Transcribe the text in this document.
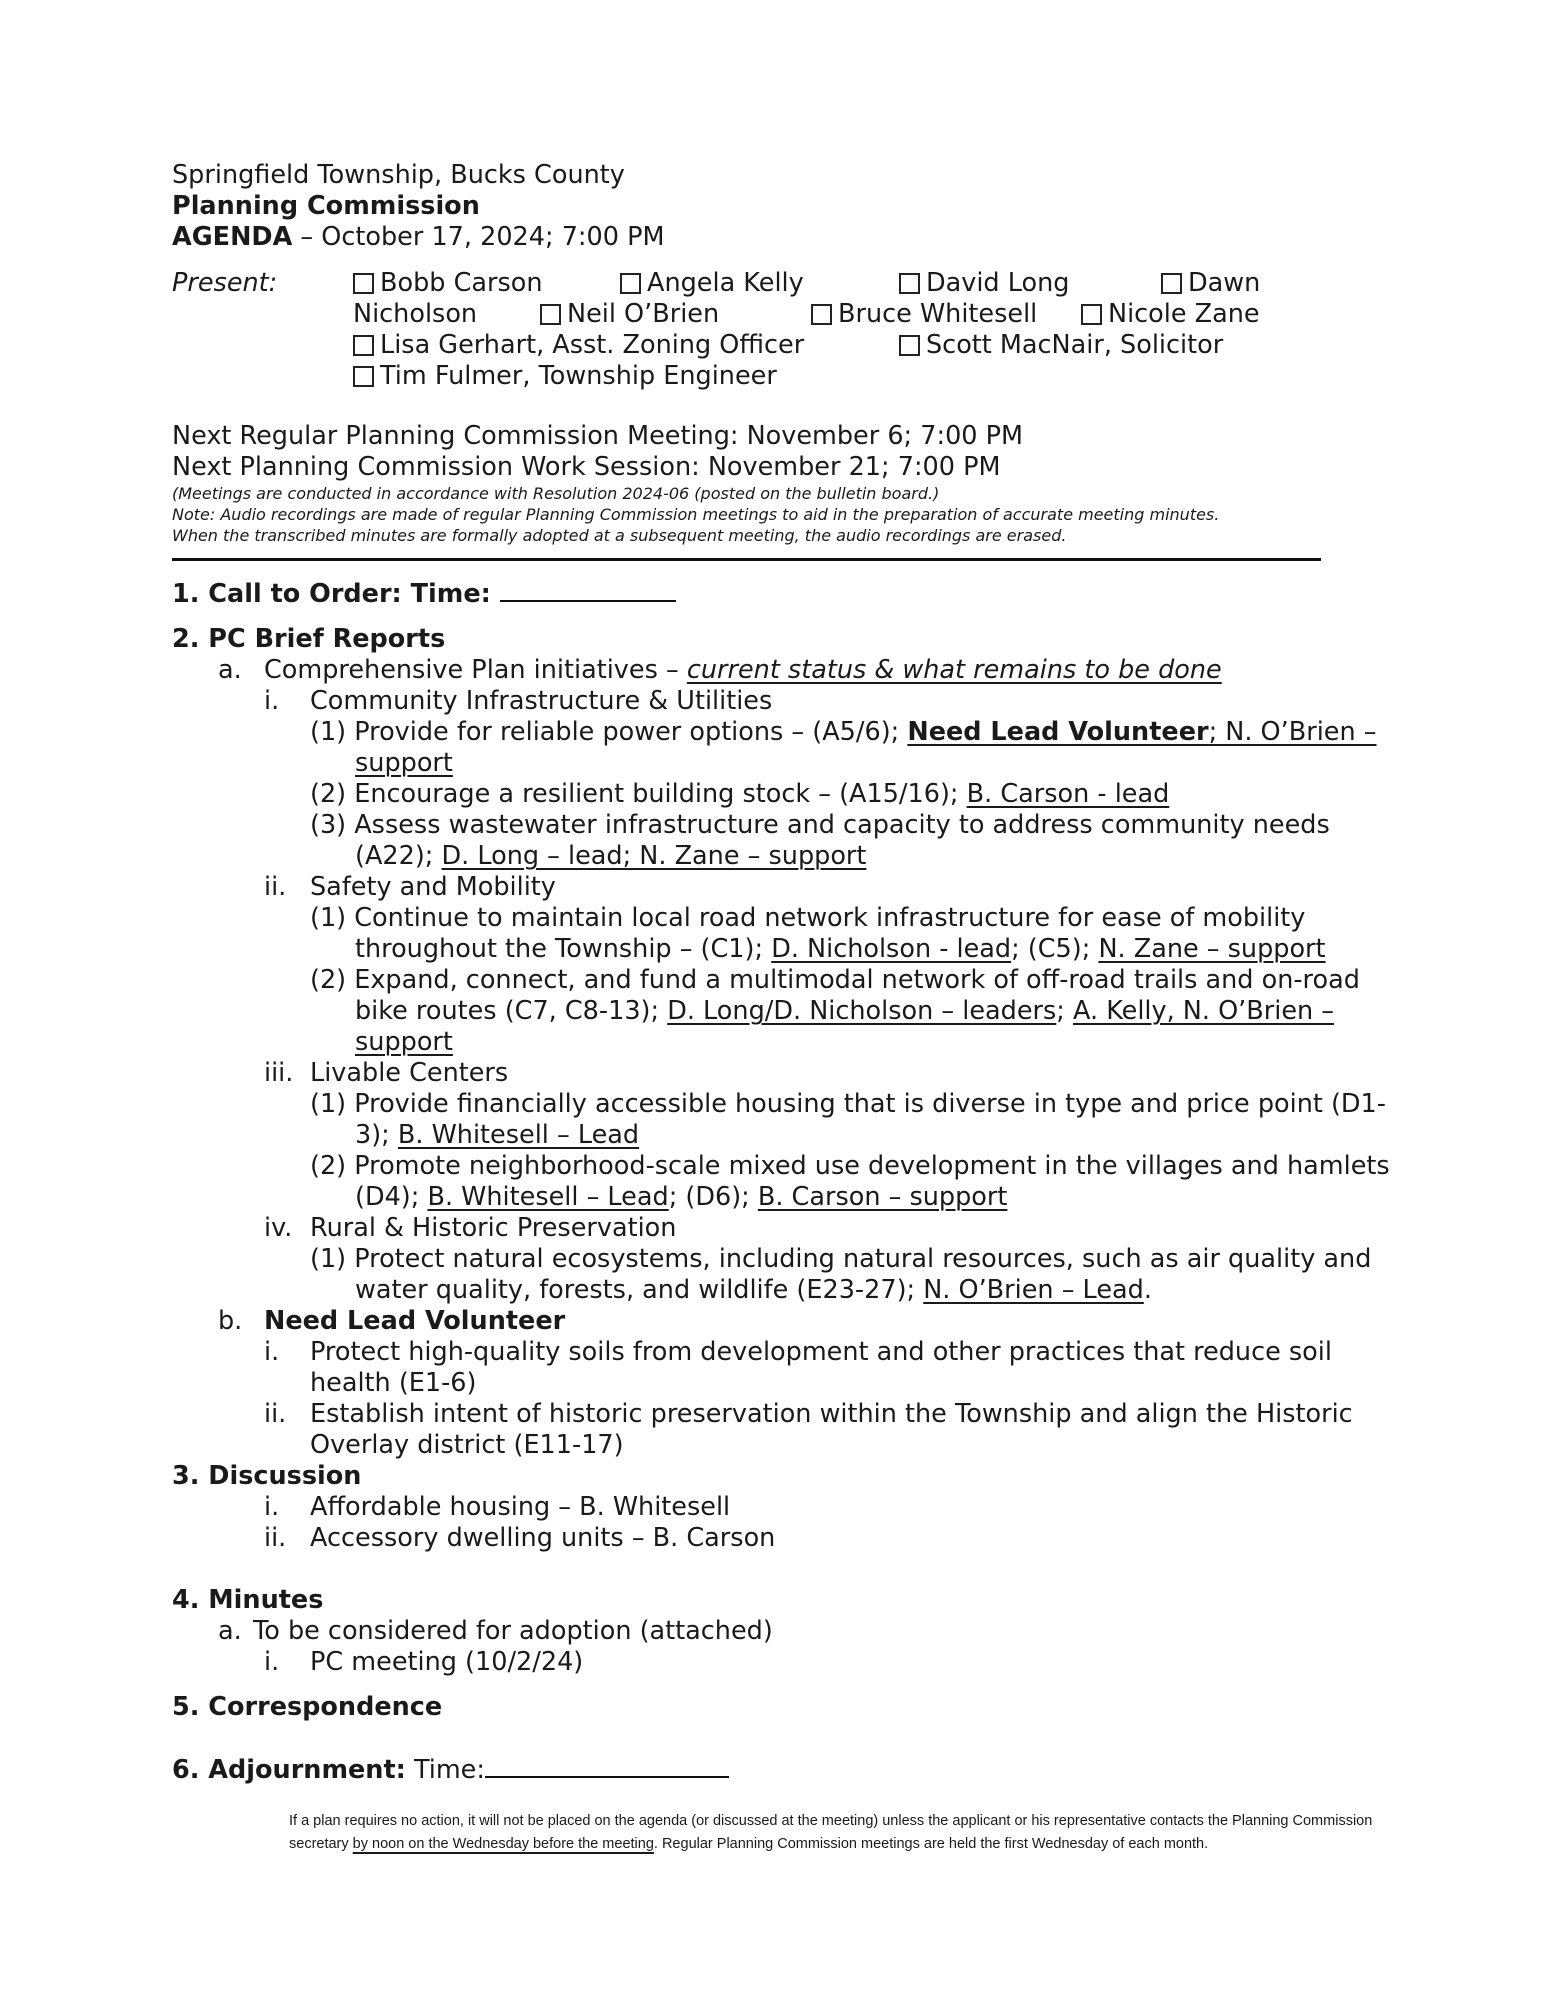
Springfield Township, Bucks County
Planning Commission
AGENDA – October 17, 2024; 7:00 PM
Present:	Bobb Carson	Angela Kelly	David Long	Dawn
Nicholson	Neil O’Brien	Bruce Whitesell	Nicole Zane
Lisa Gerhart, Asst. Zoning Officer	Scott MacNair, Solicitor
Tim Fulmer, Township Engineer
Next Regular Planning Commission Meeting: November 6; 7:00 PM
Next Planning Commission Work Session: November 21; 7:00 PM
(Meetings are conducted in accordance with Resolution 2024-06 (posted on the bulletin board.)
Note: Audio recordings are made of regular Planning Commission meetings to aid in the preparation of accurate meeting minutes.
When the transcribed minutes are formally adopted at a subsequent meeting, the audio recordings are erased.
1. Call to Order: Time:
2. PC Brief Reports
a. Comprehensive Plan initiatives – current status & what remains to be done
i. Community Infrastructure & Utilities
(1) Provide for reliable power options – (A5/6); Need Lead Volunteer; N. O’Brien –
support
(2) Encourage a resilient building stock – (A15/16); B. Carson - lead
(3) Assess wastewater infrastructure and capacity to address community needs
(A22); D. Long – lead; N. Zane – support
ii. Safety and Mobility
(1) Continue to maintain local road network infrastructure for ease of mobility
throughout the Township – (C1); D. Nicholson - lead; (C5); N. Zane – support
(2) Expand, connect, and fund a multimodal network of off-road trails and on-road
bike routes (C7, C8-13); D. Long/D. Nicholson – leaders; A. Kelly, N. O’Brien –
support
iii. Livable Centers
(1) Provide financially accessible housing that is diverse in type and price point (D1-
3); B. Whitesell – Lead
(2) Promote neighborhood-scale mixed use development in the villages and hamlets
(D4); B. Whitesell – Lead; (D6); B. Carson – support
iv. Rural & Historic Preservation
(1) Protect natural ecosystems, including natural resources, such as air quality and
water quality, forests, and wildlife (E23-27); N. O’Brien – Lead.
b. Need Lead Volunteer
i. Protect high-quality soils from development and other practices that reduce soil
health (E1-6)
ii. Establish intent of historic preservation within the Township and align the Historic
Overlay district (E11-17)
3. Discussion
i. Affordable housing – B. Whitesell
ii. Accessory dwelling units – B. Carson
4. Minutes
a. To be considered for adoption (attached)
i. PC meeting (10/2/24)
5. Correspondence
6. Adjournment: Time:
If a plan requires no action, it will not be placed on the agenda (or discussed at the meeting) unless the applicant or his representative contacts the Planning Commission secretary by noon on the Wednesday before the meeting. Regular Planning Commission meetings are held the first Wednesday of each month.
